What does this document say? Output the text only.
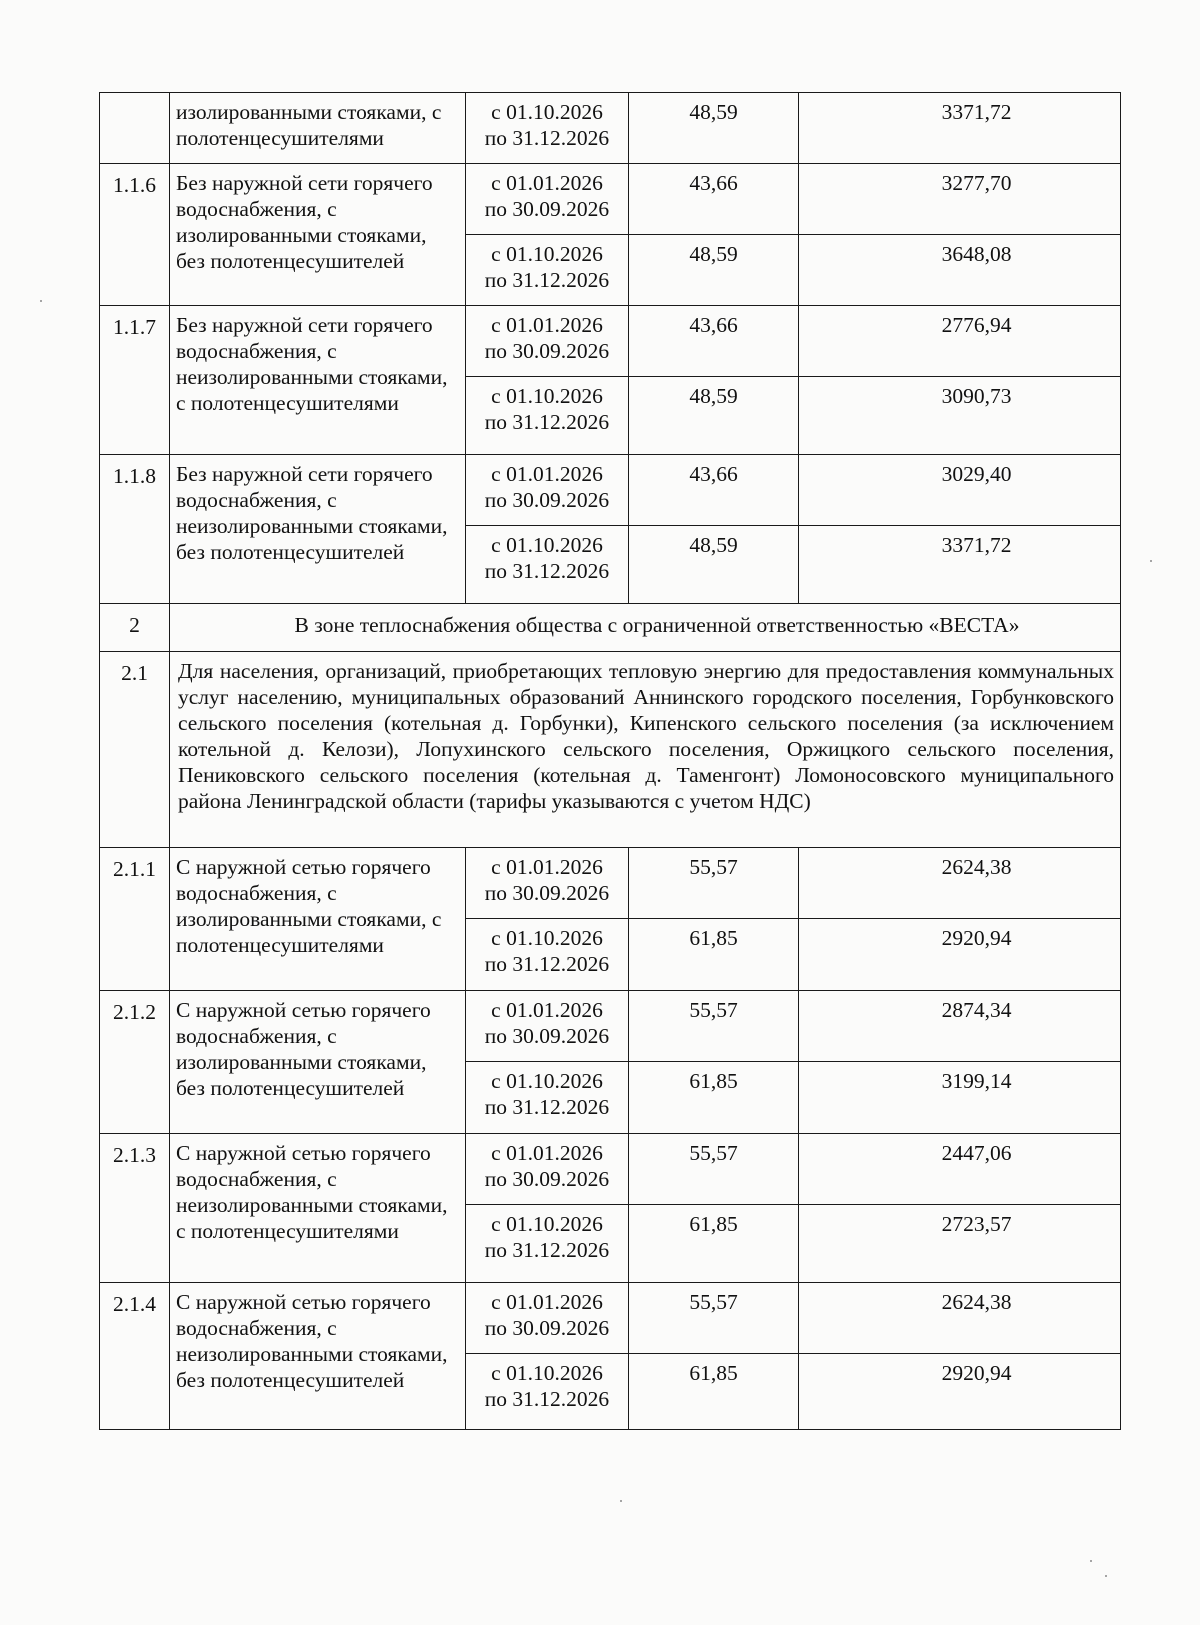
	изолированными стояками, с полотенцесушителями	с 01.10.2026
по 31.12.2026	48,59	3371,72
1.1.6	Без наружной сети горячего водоснабжения, с изолированными стояками, без полотенцесушителей	с 01.01.2026
по 30.09.2026	43,66	3277,70

		с 01.10.2026
по 31.12.2026	48,59	3648,08
1.1.7	Без наружной сети горячего водоснабжения, с неизолированными стояками, с полотенцесушителями	с 01.01.2026
по 30.09.2026	43,66	2776,94

		с 01.10.2026
по 31.12.2026	48,59	3090,73
1.1.8	Без наружной сети горячего водоснабжения, с неизолированными стояками, без полотенцесушителей	с 01.01.2026
по 30.09.2026	43,66	3029,40

		с 01.10.2026
по 31.12.2026	48,59	3371,72
2	В зоне теплоснабжения общества с ограниченной ответственностью «ВЕСТА»			
2.1	Для населения, организаций, приобретающих тепловую энергию для предоставления коммунальных услуг населению, муниципальных образований Аннинского городского поселения, Горбунковского сельского поселения (котельная д. Горбунки), Кипенского сельского поселения (за исключением котельной д. Келози), Лопухинского сельского поселения, Оржицкого сельского поселения, Пениковского сельского поселения (котельная д. Таменгонт) Ломоносовского муниципального района Ленинградской области (тарифы указываются с учетом НДС)			
2.1.1	С наружной сетью горячего водоснабжения, с изолированными стояками, с полотенцесушителями	с 01.01.2026
по 30.09.2026	55,57	2624,38

		с 01.10.2026
по 31.12.2026	61,85	2920,94
2.1.2	С наружной сетью горячего водоснабжения, с изолированными стояками, без полотенцесушителей	с 01.01.2026
по 30.09.2026	55,57	2874,34

		с 01.10.2026
по 31.12.2026	61,85	3199,14
2.1.3	С наружной сетью горячего водоснабжения, с неизолированными стояками, с полотенцесушителями	с 01.01.2026
по 30.09.2026	55,57	2447,06

		с 01.10.2026
по 31.12.2026	61,85	2723,57
2.1.4	С наружной сетью горячего водоснабжения, с неизолированными стояками, без полотенцесушителей	с 01.01.2026
по 30.09.2026	55,57	2624,38

		с 01.10.2026
по 31.12.2026	61,85	2920,94
